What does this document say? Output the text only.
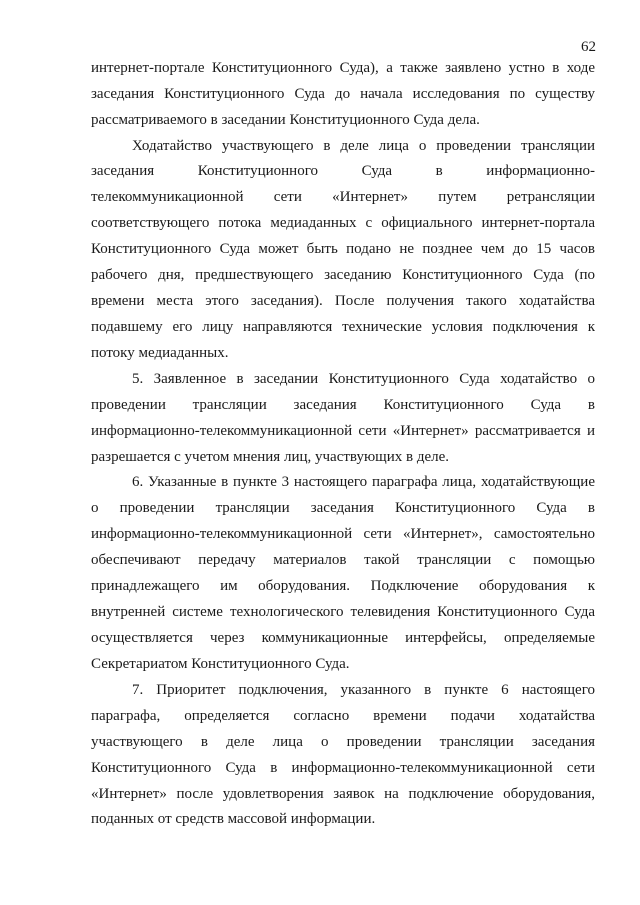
62
интернет-портале Конституционного Суда), а также заявлено устно в ходе
заседания Конституционного Суда до начала исследования по существу
рассматриваемого в заседании Конституционного Суда дела.
Ходатайство участвующего в деле лица о проведении трансляции
заседания Конституционного Суда в информационно-
телекоммуникационной сети «Интернет» путем ретрансляции
соответствующего потока медиаданных с официального интернет-портала
Конституционного Суда может быть подано не позднее чем до 15 часов
рабочего дня, предшествующего заседанию Конституционного Суда (по
времени места этого заседания). После получения такого ходатайства
подавшему его лицу направляются технические условия подключения к
потоку медиаданных.
5. Заявленное в заседании Конституционного Суда ходатайство о
проведении трансляции заседания Конституционного Суда в
информационно-телекоммуникационной сети «Интернет» рассматривается и
разрешается с учетом мнения лиц, участвующих в деле.
6. Указанные в пункте 3 настоящего параграфа лица, ходатайствующие
о проведении трансляции заседания Конституционного Суда в
информационно-телекоммуникационной сети «Интернет», самостоятельно
обеспечивают передачу материалов такой трансляции с помощью
принадлежащего им оборудования. Подключение оборудования к
внутренней системе технологического телевидения Конституционного Суда
осуществляется через коммуникационные интерфейсы, определяемые
Секретариатом Конституционного Суда.
7. Приоритет подключения, указанного в пункте 6 настоящего
параграфа, определяется согласно времени подачи ходатайства
участвующего в деле лица о проведении трансляции заседания
Конституционного Суда в информационно-телекоммуникационной сети
«Интернет» после удовлетворения заявок на подключение оборудования,
поданных от средств массовой информации.
